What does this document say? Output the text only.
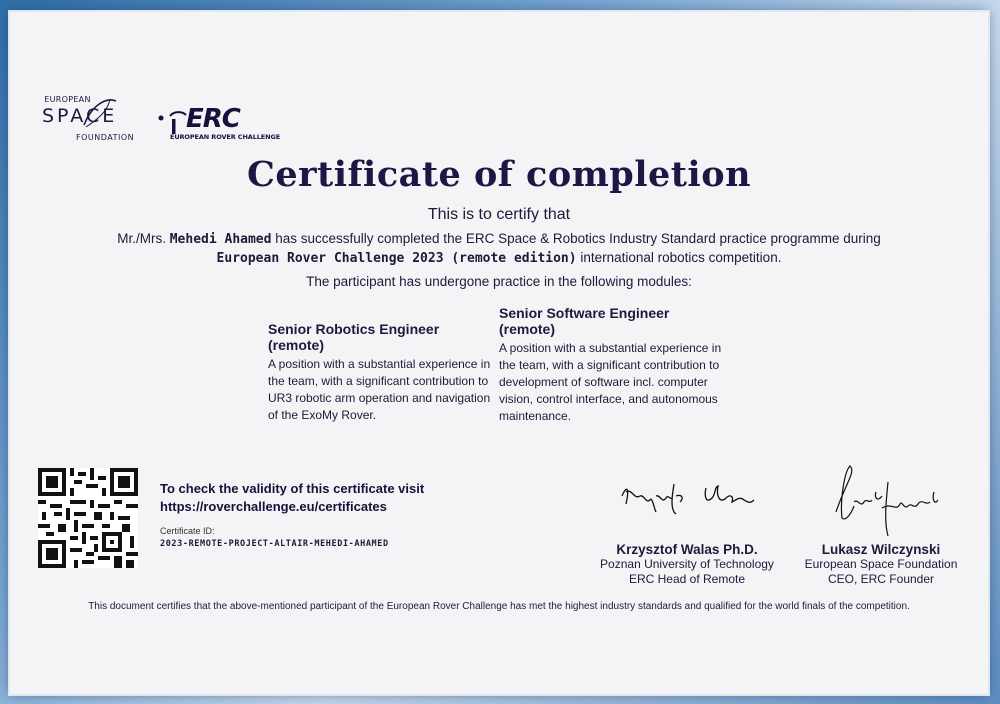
EUROPEAN
SPACE
FOUNDATION
ERC
EUROPEAN ROVER CHALLENGE
Certificate of completion
This is to certify that
Mr./Mrs. Mehedi Ahamed has successfully completed the ERC Space & Robotics Industry Standard practice programme during
European Rover Challenge 2023 (remote edition) international robotics competition.
The participant has undergone practice in the following modules:
Senior Robotics Engineer (remote)

A position with a substantial experience in the team, with a significant contribution to UR3 robotic arm operation and navigation of the ExoMy Rover.

Senior Software Engineer (remote)

A position with a substantial experience in the team, with a significant contribution to development of software incl. computer vision, control interface, and autonomous maintenance.

To check the validity of this certificate visit
https://roverchallenge.eu/certificates
Certificate ID:
2023-REMOTE-PROJECT-ALTAIR-MEHEDI-AHAMED	Krzysztof Walas Ph.D.
Poznan University of Technology
ERC Head of Remote
Lukasz Wilczynski
European Space Foundation
CEO, ERC Founder
This document certifies that the above-mentioned participant of the European Rover Challenge has met the highest industry standards and qualified for the world finals of the competition.
